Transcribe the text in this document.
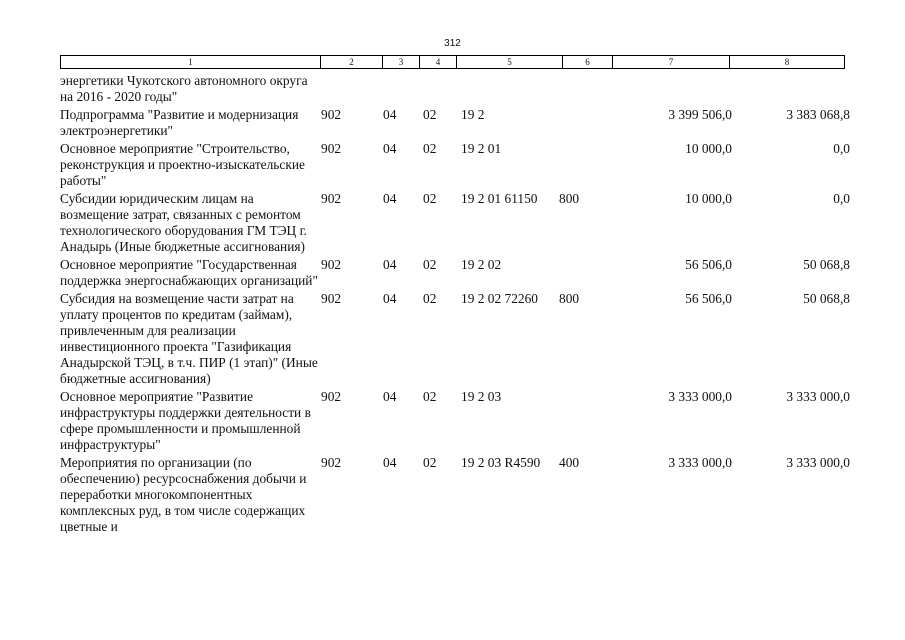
312
1	2	3	4	5	6	7	8
энергетики Чукотского автономного округа на 2016 - 2020 годы"							
Подпрограмма "Развитие и модернизация электроэнергетики"	902	04	02	19 2		3 399 506,0	3 383 068,8
Основное мероприятие "Строительство, реконструкция и проектно-изыскательские работы"	902	04	02	19 2 01		10 000,0	0,0
Субсидии юридическим лицам на возмещение затрат, связанных с ремонтом технологического оборудования ГМ ТЭЦ г. Анадырь (Иные бюджетные ассигнования)	902	04	02	19 2 01 61150	800	10 000,0	0,0
Основное мероприятие "Государственная поддержка энергоснабжающих организаций"	902	04	02	19 2 02		56 506,0	50 068,8
Субсидия на возмещение части затрат на уплату процентов по кредитам (займам), привлеченным для реализации инвестиционного проекта "Газификация Анадырской ТЭЦ, в т.ч. ПИР (1 этап)" (Иные бюджетные ассигнования)	902	04	02	19 2 02 72260	800	56 506,0	50 068,8
Основное мероприятие "Развитие инфраструктуры поддержки деятельности в сфере промышленности и промышленной инфраструктуры"	902	04	02	19 2 03		3 333 000,0	3 333 000,0
Мероприятия по организации (по обеспечению) ресурсоснабжения добычи и переработки многокомпонентных комплексных руд, в том числе содержащих цветные и	902	04	02	19 2 03 R4590	400	3 333 000,0	3 333 000,0
